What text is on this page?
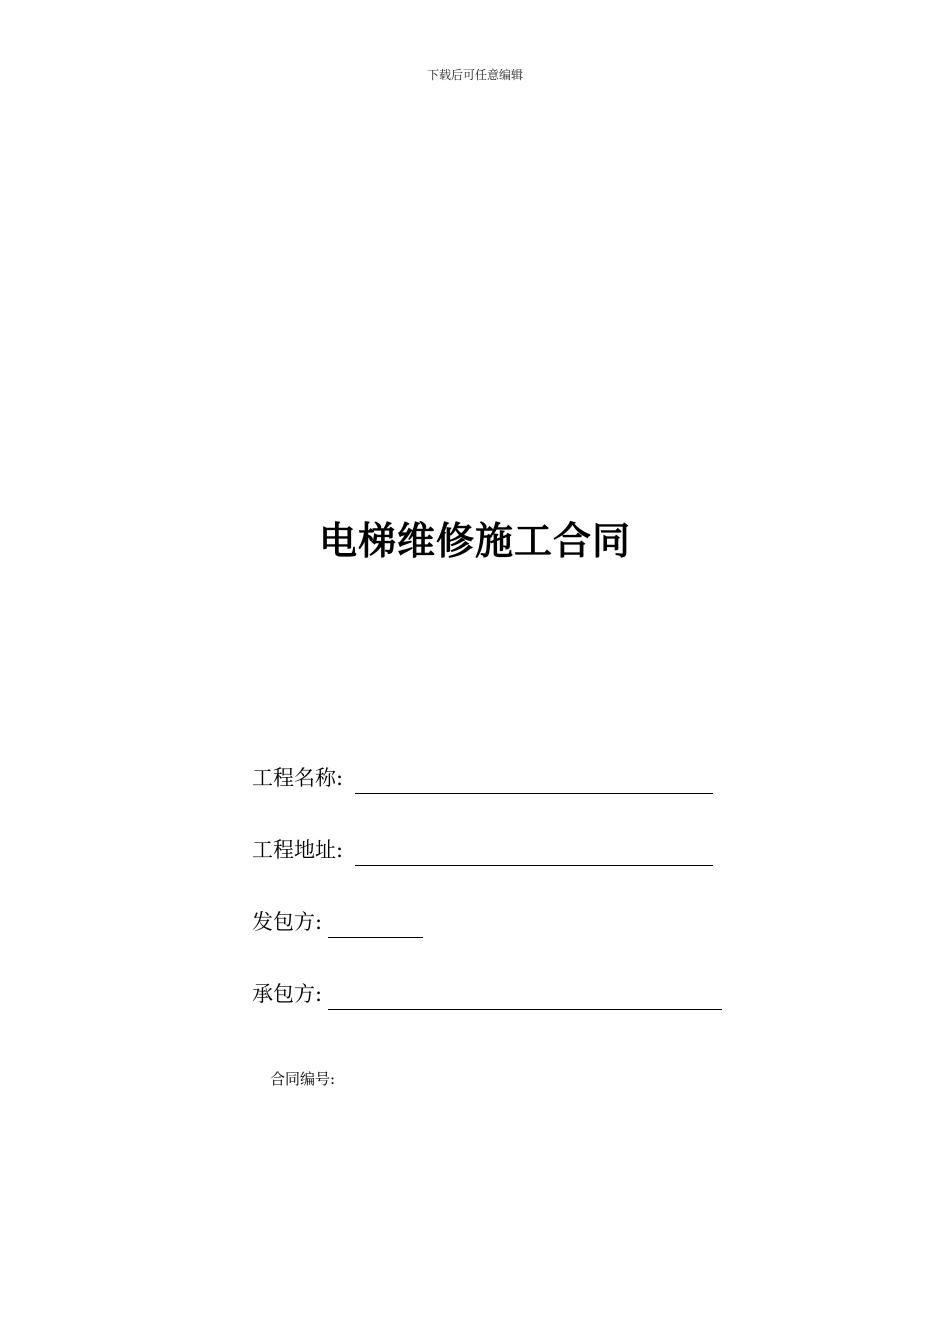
下载后可任意编辑
电梯维修施工合同
工程名称:
工程地址:
发包方:
承包方:
合同编号:
